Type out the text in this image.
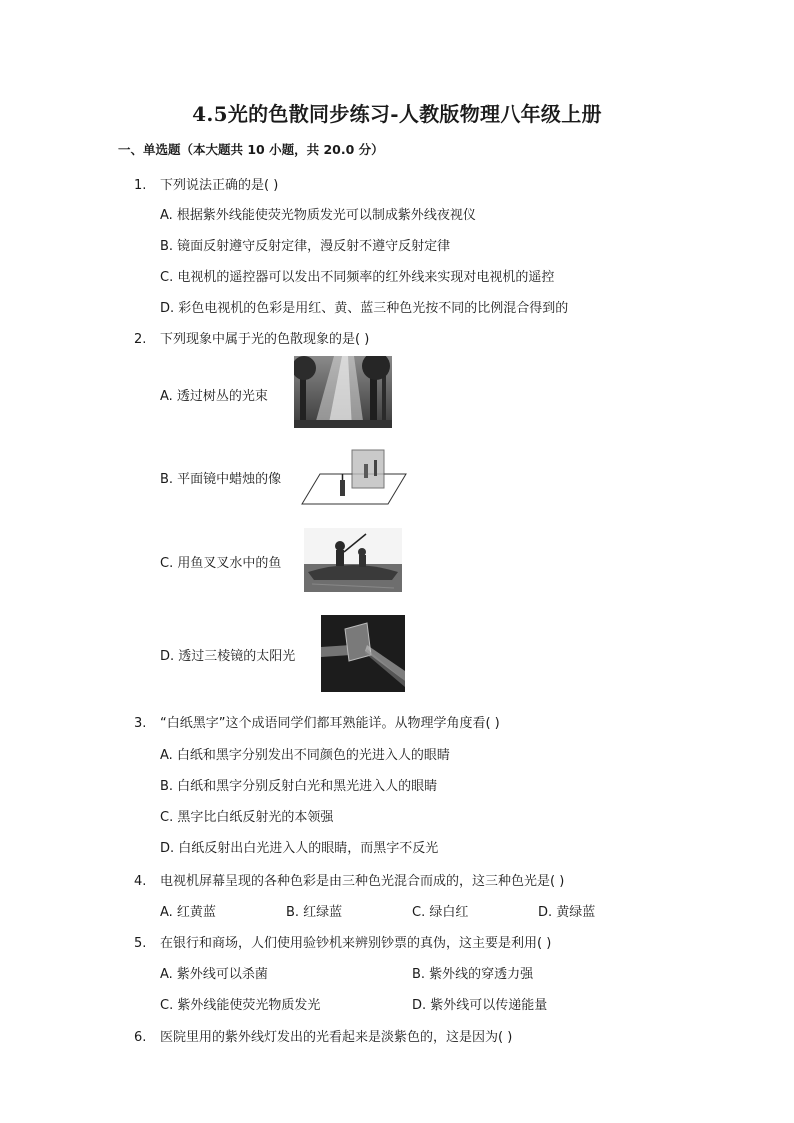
4.5光的色散同步练习-人教版物理八年级上册
一、单选题（本大题共 10 小题，共 20.0 分）
1. 下列说法正确的是( )
A. 根据紫外线能使荧光物质发光可以制成紫外线夜视仪
B. 镜面反射遵守反射定律，漫反射不遵守反射定律
C. 电视机的遥控器可以发出不同频率的红外线来实现对电视机的遥控
D. 彩色电视机的色彩是用红、黄、蓝三种色光按不同的比例混合得到的
2. 下列现象中属于光的色散现象的是( )
A. 透过树丛的光束
B. 平面镜中蜡烛的像
C. 用鱼叉叉水中的鱼
D. 透过三棱镜的太阳光
3. “白纸黑字”这个成语同学们都耳熟能详。从物理学角度看( )
A. 白纸和黑字分别发出不同颜色的光进入人的眼睛
B. 白纸和黑字分别反射白光和黑光进入人的眼睛
C. 黑字比白纸反射光的本领强
D. 白纸反射出白光进入人的眼睛，而黑字不反光
4. 电视机屏幕呈现的各种色彩是由三种色光混合而成的，这三种色光是( )
A. 红黄蓝	B. 红绿蓝	C. 绿白红	D. 黄绿蓝
5. 在银行和商场，人们使用验钞机来辨别钞票的真伪，这主要是利用( )
A. 紫外线可以杀菌	B. 紫外线的穿透力强
C. 紫外线能使荧光物质发光	D. 紫外线可以传递能量
6. 医院里用的紫外线灯发出的光看起来是淡紫色的，这是因为( )
